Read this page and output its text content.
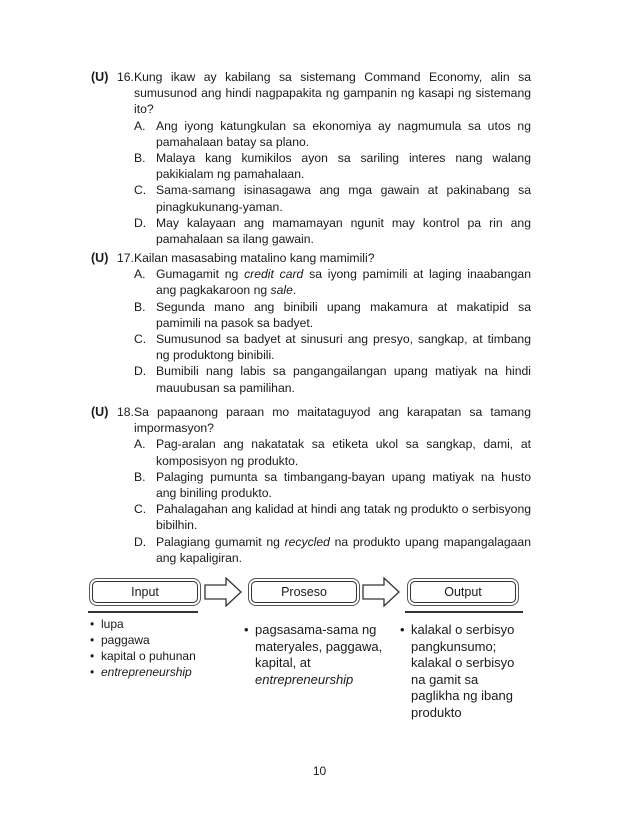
(U) 16. Kung ikaw ay kabilang sa sistemang Command Economy, alin sa sumusunod ang hindi nagpapakita ng gampanin ng kasapi ng sistemang ito?
A. Ang iyong katungkulan sa ekonomiya ay nagmumula sa utos ng pamahalaan batay sa plano.
B. Malaya kang kumikilos ayon sa sariling interes nang walang pakikialam ng pamahalaan.
C. Sama-samang isinasagawa ang mga gawain at pakinabang sa pinagkukunang-yaman.
D. May kalayaan ang mamamayan ngunit may kontrol pa rin ang pamahalaan sa ilang gawain.
(U) 17. Kailan masasabing matalino kang mamimili?
A. Gumagamit ng credit card sa iyong pamimili at laging inaabangan ang pagkakaroon ng sale.
B. Segunda mano ang binibili upang makamura at makatipid sa pamimili na pasok sa badyet.
C. Sumusunod sa badyet at sinusuri ang presyo, sangkap, at timbang ng produktong binibili.
D. Bumibili nang labis sa pangangailangan upang matiyak na hindi mauubusan sa pamilihan.
(U) 18. Sa papaanong paraan mo maitataguyod ang karapatan sa tamang impormasyon?
A. Pag-aralan ang nakatatak sa etiketa ukol sa sangkap, dami, at komposisyon ng produkto.
B. Palaging pumunta sa timbangang-bayan upang matiyak na husto ang biniling produkto.
C. Pahalagahan ang kalidad at hindi ang tatak ng produkto o serbisyong bibilhin.
D. Palagiang gumamit ng recycled na produkto upang mapangalagaan ang kapaligiran.
Input	Proseso	Output
• lupa
• paggawa
• kapital o puhunan
• entrepreneurship
• pagsasama-sama ng materyales, paggawa, kapital, at entrepreneurship
• kalakal o serbisyo pangkunsumo; kalakal o serbisyo na gamit sa paglikha ng ibang produkto
10
